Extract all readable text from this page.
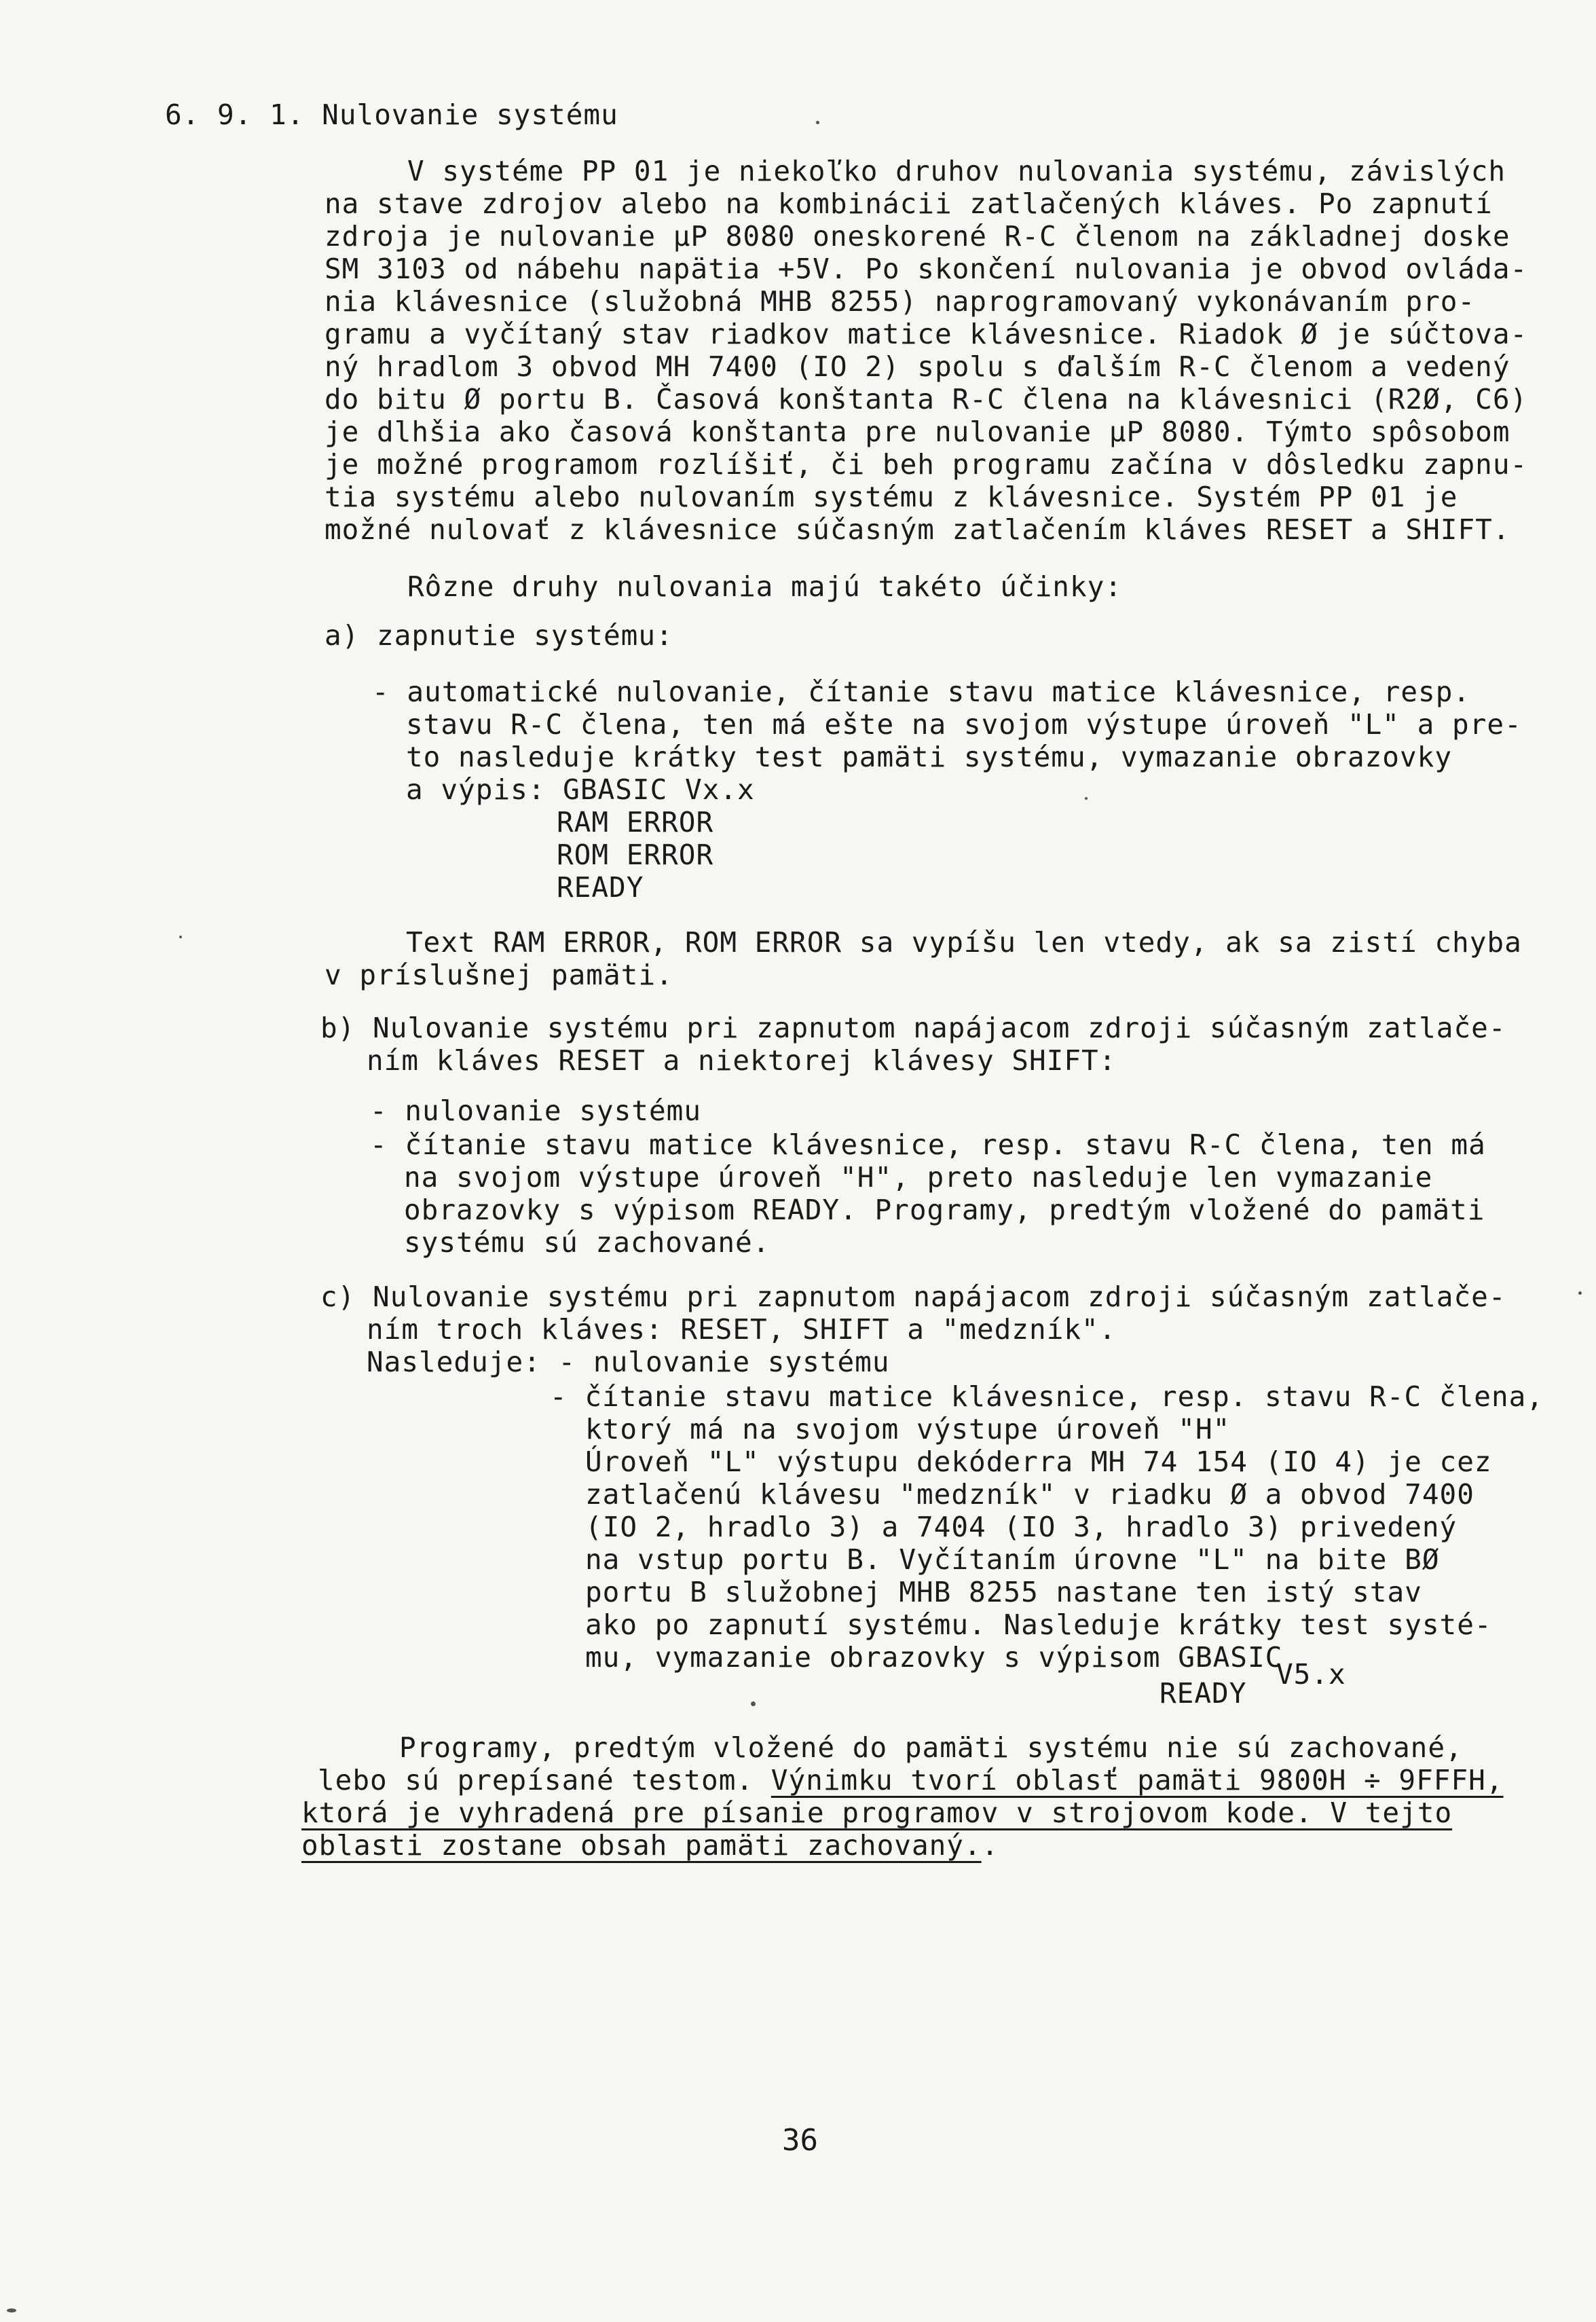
6. 9. 1. Nulovanie systému
V systéme PP 01 je niekoľko druhov nulovania systému, závislých
na stave zdrojov alebo na kombinácii zatlačených kláves. Po zapnutí
zdroja je nulovanie µP 8080 oneskorené R-C členom na základnej doske
SM 3103 od nábehu napätia +5V. Po skončení nulovania je obvod ovláda-
nia klávesnice (služobná MHB 8255) naprogramovaný vykonávaním pro-
gramu a vyčítaný stav riadkov matice klávesnice. Riadok Ø je súčtova-
ný hradlom 3 obvod MH 7400 (IO 2) spolu s ďalším R-C členom a vedený
do bitu Ø portu B. Časová konštanta R-C člena na klávesnici (R2Ø, C6)
je dlhšia ako časová konštanta pre nulovanie µP 8080. Týmto spôsobom
je možné programom rozlíšiť, či beh programu začína v dôsledku zapnu-
tia systému alebo nulovaním systému z klávesnice. Systém PP 01 je
možné nulovať z klávesnice súčasným zatlačením kláves RESET a SHIFT.
Rôzne druhy nulovania majú takéto účinky:
a) zapnutie systému:
- automatické nulovanie, čítanie stavu matice klávesnice, resp.
stavu R-C člena, ten má ešte na svojom výstupe úroveň "L" a pre-
to nasleduje krátky test pamäti systému, vymazanie obrazovky
a výpis: GBASIC Vx.x
RAM ERROR
ROM ERROR
READY
Text RAM ERROR, ROM ERROR sa vypíšu len vtedy, ak sa zistí chyba
v príslušnej pamäti.
b) Nulovanie systému pri zapnutom napájacom zdroji súčasným zatlače-
ním kláves RESET a niektorej klávesy SHIFT:
- nulovanie systému
- čítanie stavu matice klávesnice, resp. stavu R-C člena, ten má
na svojom výstupe úroveň "H", preto nasleduje len vymazanie
obrazovky s výpisom READY. Programy, predtým vložené do pamäti
systému sú zachované.
c) Nulovanie systému pri zapnutom napájacom zdroji súčasným zatlače-
ním troch kláves: RESET, SHIFT a "medzník".
Nasleduje: - nulovanie systému
- čítanie stavu matice klávesnice, resp. stavu R-C člena,
ktorý má na svojom výstupe úroveň "H"
Úroveň "L" výstupu dekóderra MH 74 154 (IO 4) je cez
zatlačenú klávesu "medzník" v riadku Ø a obvod 7400
(IO 2, hradlo 3) a 7404 (IO 3, hradlo 3) privedený
na vstup portu B. Vyčítaním úrovne "L" na bite BØ
portu B služobnej MHB 8255 nastane ten istý stav
ako po zapnutí systému. Nasleduje krátky test systé-
mu, vymazanie obrazovky s výpisom GBASIC
V5.x
READY
Programy, predtým vložené do pamäti systému nie sú zachované,
lebo sú prepísané testom. Výnimku tvorí oblasť pamäti 9800H ÷ 9FFFH,
ktorá je vyhradená pre písanie programov v strojovom kode. V tejto
oblasti zostane obsah pamäti zachovaný..
36
